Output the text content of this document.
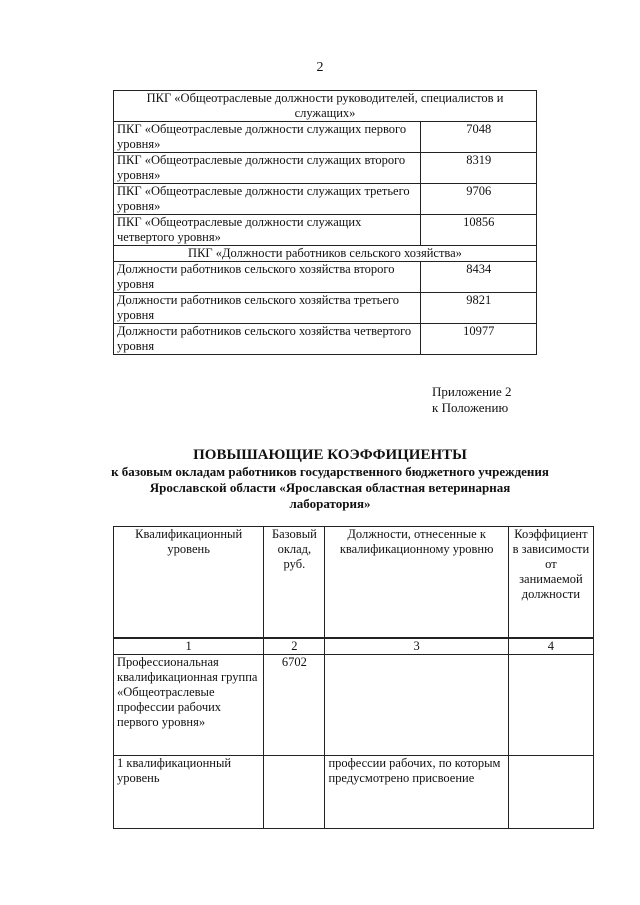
2
ПКГ «Общеотраслевые должности руководителей, специалистов и служащих»	
ПКГ «Общеотраслевые должности служащих первого уровня»	7048
ПКГ «Общеотраслевые должности служащих второго уровня»	8319
ПКГ «Общеотраслевые должности служащих третьего уровня»	9706
ПКГ «Общеотраслевые должности служащих четвертого уровня»	10856
ПКГ «Должности работников сельского хозяйства»	
Должности работников сельского хозяйства второго уровня	8434
Должности работников сельского хозяйства третьего уровня	9821
Должности работников сельского хозяйства четвертого уровня	10977
Приложение 2
к Положению
ПОВЫШАЮЩИЕ КОЭФФИЦИЕНТЫ
к базовым окладам работников государственного бюджетного учреждения Ярославской области «Ярославская областная ветеринарная лаборатория»
Квалификационный уровень	Базовый оклад, руб.	Должности, отнесенные к квалификационному уровню	Коэффициент в зависимости от занимаемой должности
1	2	3	4
Профессиональная квалификационная группа «Общеотраслевые профессии рабочих первого уровня»	6702		
1 квалификационный уровень		профессии рабочих, по которым предусмотрено присвоение	
